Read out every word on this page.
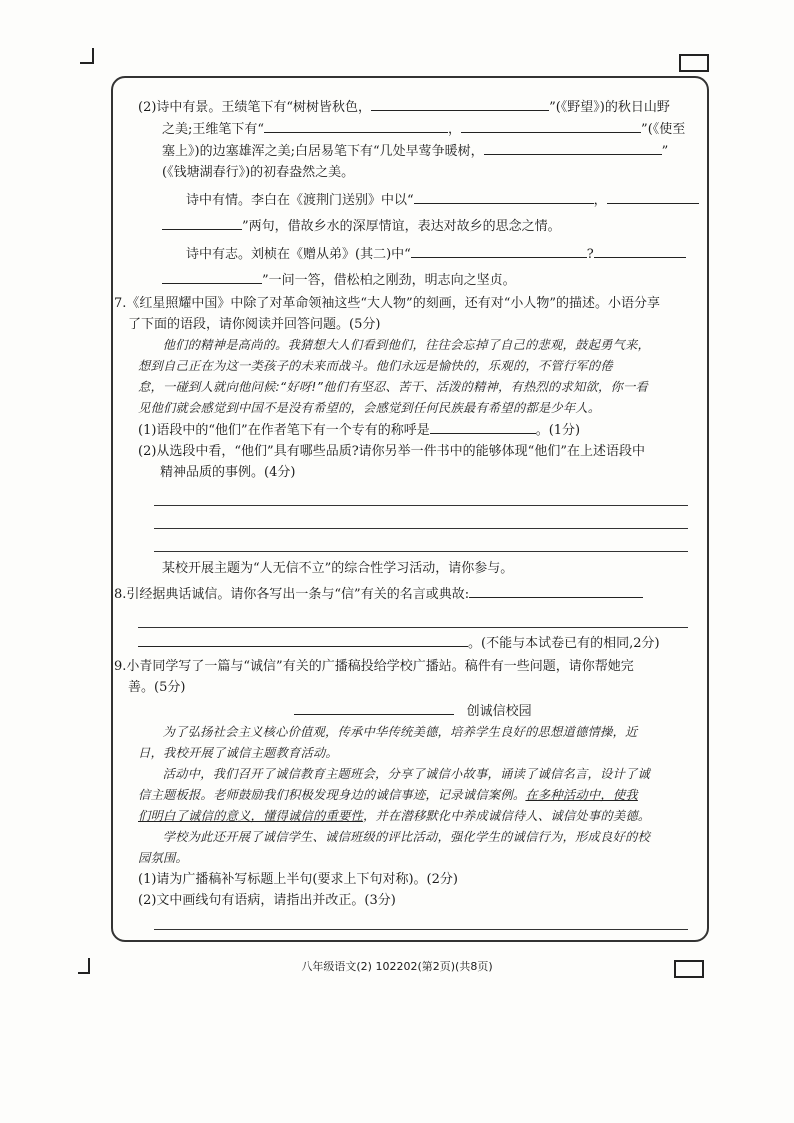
(2)诗中有景。王绩笔下有“树树皆秋色，	”(《野望》)的秋日山野
之美;王维笔下有“	，	”(《使至
塞上》)的边塞雄浑之美;白居易笔下有“几处早莺争暖树，	”
(《钱塘湖春行》)的初春盎然之美。
诗中有情。李白在《渡荆门送别》中以“	，
”两句，借故乡水的深厚情谊，表达对故乡的思念之情。
诗中有志。刘桢在《赠从弟》(其二)中“	?
”一问一答，借松柏之刚劲，明志向之坚贞。
7.《红星照耀中国》中除了对革命领袖这些“大人物”的刻画，还有对“小人物”的描述。小语分享
了下面的语段，请你阅读并回答问题。(5分)
他们的精神是高尚的。我猜想大人们看到他们，往往会忘掉了自己的悲观，鼓起勇气来，
想到自己正在为这一类孩子的未来而战斗。他们永远是愉快的，乐观的，不管行军的倦
怠，一碰到人就向他问候:“好呀!”他们有坚忍、苦干、活泼的精神，有热烈的求知欲，你一看
见他们就会感觉到中国不是没有希望的，会感觉到任何民族最有希望的都是少年人。
(1)语段中的“他们”在作者笔下有一个专有的称呼是	。(1分)
(2)从选段中看，“他们”具有哪些品质?请你另举一件书中的能够体现“他们”在上述语段中
精神品质的事例。(4分)
某校开展主题为“人无信不立”的综合性学习活动，请你参与。
8.引经据典话诚信。请你各写出一条与“信”有关的名言或典故:
。(不能与本试卷已有的相同,2分)
9.小青同学写了一篇与“诚信”有关的广播稿投给学校广播站。稿件有一些问题，请你帮她完
善。(5分)
创诚信校园
为了弘扬社会主义核心价值观，传承中华传统美德，培养学生良好的思想道德情操，近
日，我校开展了诚信主题教育活动。
活动中，我们召开了诚信教育主题班会，分享了诚信小故事，诵读了诚信名言，设计了诚
信主题板报。老师鼓励我们积极发现身边的诚信事迹，记录诚信案例。在多种活动中，使我
们明白了诚信的意义，懂得诚信的重要性，并在潜移默化中养成诚信待人、诚信处事的美德。
学校为此还开展了诚信学生、诚信班级的评比活动，强化学生的诚信行为，形成良好的校
园氛围。
(1)请为广播稿补写标题上半句(要求上下句对称)。(2分)
(2)文中画线句有语病，请指出并改正。(3分)
八年级语文(2) 102202(第2页)(共8页)
